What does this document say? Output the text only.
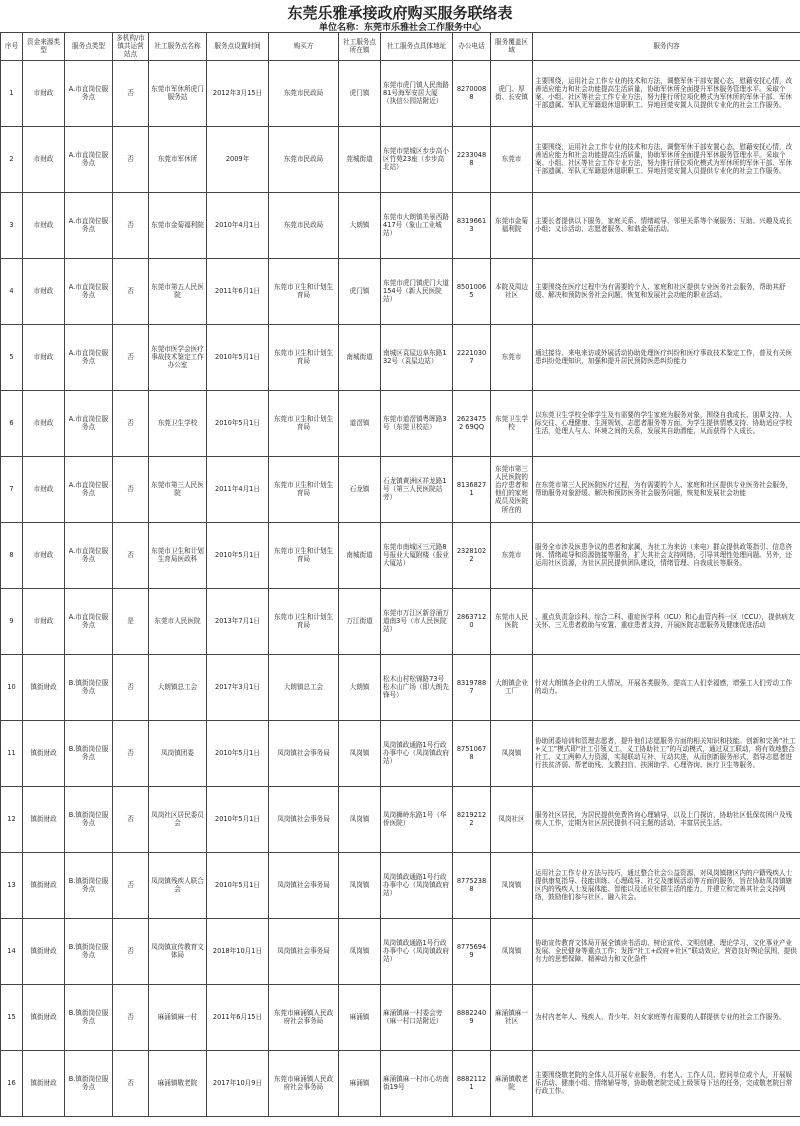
东莞乐雅承接政府购买服务联络表
单位名称：东莞市乐雅社会工作服务中心
序号	资金来源类型	服务点类型	多机构/市镇共运营站点	社工服务点名称	服务点设置时间	购买方	社工服务点所在镇	社工服务点具体地址	办公电话	服务覆盖区域	服务内容
1	市财政	A.市直岗位服务点	否	东莞市军休所虎门服务站	2012年3月15日	东莞市民政局	虎门镇	东莞市虎门镇人民南路81号海军安居大厦（执信公园站附近）	82700088	虎门、厚街、长安镇	主要围绕，运用社会工作专业的技术和方法，调整军休干部安置心态，慰藉安抚心情，改善适应能力和社会功能提高生活质量，协助军休所全面提升军休服务管理水平。采取个案、小组、社区等社会工作专业方法，努力推行所位项化模式为军休所的军休干部、军休干部遗属、军队无军籍退休退职职工、异地回莞安置人员提供专业化的社会工作服务。
2	市财政	A.市直岗位服务点	否	东莞市军休所	2009年	东莞市民政局	莞城街道	东莞市莞城区步步高小区竹苑23座（步步高北站）	22330488	东莞市	主要围绕，运用社会工作专业的技术和方法，调整军休干部安置心态，慰藉安抚心情，改善适应能力和社会功能提高生活质量，协助军休所全面提升军休服务管理水平。采取个案、小组、社区等社会工作专业方法，努力推行所位项化模式为军休所的军休干部、军休干部遗属、军队无军籍退休退职职工、异地回莞安置人员提供专业化的社会工作服务。
3	市财政	A.市直岗位服务点	否	东莞市金菊福利院	2010年4月1日	东莞市民政局	大朗镇	东莞市大朗镇美景西路417号（象山工业城站）	83196613	东莞市金菊福利院	主要长者提供以下服务，家庭关系、情绪疏导、邻里关系等个案服务；互助、兴趣及成长小组；义诊活动、志愿者服务、和谐金菊活动。
4	市财政	A.市直岗位服务点	否	东莞市第五人民医院	2011年6月1日	东莞市卫生和计划生育局	虎门镇	东莞市虎门镇虎门大道154号（新人民医院站）	85010065	本院及周边社区	主要围绕在医疗过程中为有需要的个人、家庭和社区提供专业医务社会服务，帮助其舒缓、解决和预防医务社会问题，恢复和发展社会功能的职业活动。
5	市财政	A.市直岗位服务点	否	东莞市医学会医疗事故技术鉴定工作办公室	2010年5月1日	东莞市卫生和计划生育局	南城街道	南城区袁屋边阜东路132号（袁屋边站）	22210307	东莞市	通过接待、来电来访或外展活动协助处理医疗纠纷和医疗事故技术鉴定工作，普及有关医患纠纷处理知识，加强和提升居民预防医患纠纷能力
6	市财政	A.市直岗位服务点	否	东莞卫生学校	2010年5月1日	东莞市卫生和计划生育局	道滘镇	东莞市道滘镇粤晖路3号（东莞卫校站）	26234752 69QQ	东莞卫生学校	以东莞卫生学校全体学生及有需要的学生家庭为服务对象，围绕自我成长、朋辈支持、人际交往、心理健康、生涯规划、志愿者服务等方面，为学生提供情感支持、协助适应学校生活，处理人与人、环境之间的关系，发展其自助潜能，从而获得个人成长。
7	市财政	A.市直岗位服务点	否	东莞市第三人民医院	2011年4月1日	东莞市卫生和计划生育局	石龙镇	石龙镇黄洲区祥龙路1号（第三人民医院站旁）	81368271	东莞市第三人民医院的治疗患者和他们的家庭成员及医院所在的	在东莞市第三人民医院医疗过程，为有需要的个人、家庭和社区提供专业医务社会服务，帮助服务对象舒缓、解决和预防医务社会服务问题，恢复和发展社会功能
8	市财政	A.市直岗位服务点	否	东莞市卫生和计划生育局医政科	2010年5月1日	东莞市卫生和计划生育局	南城街道	东莞市南城区三元路8号报业大厦附楼（报业大厦站）	23281022	东莞市	服务全市涉及医患争议的患者和家属，为社工为来访（来电）群众提供政策指引、信息咨询、情绪疏导和资源链接等服务，扩大其社会支持网络，引导其理性处理问题。另外，还运用社区资源，为社区居民提供团队建设，情绪管理、自我成长等服务。
9	市财政	A.市直岗位服务点	是	东莞市人民医院	2013年7月1日	东莞市卫生和计划生育局	万江街道	东莞市万江区新谷涌万道南3号（市人民医院站）	28637120	东莞市人民医院	、重点负责急诊科、综合二科、重症医学科（ICU）和心血管内科一区（CCU），提供病友关怀、三无患者救助与安置、重症患者支持，开展医院志愿服务及健康促进活动
10	镇街财政	B.镇街岗位服务点	否	大朗镇总工会	2017年3月1日	大朗镇总工会	大朗镇	松木山村松锦路73号松木山广场（即大朗先锋号）	83197887	大朗镇企业工厂	针对大朗镇各企业的工人情况，开展各类服务，提高工人们幸福感，增强工人们劳动工作的动力。
11	镇街财政	B.镇街岗位服务点	否	凤岗镇团委	2010年5月1日	凤岗镇社会事务局	凤岗镇	凤岗镇政通路1号行政办事中心（凤岗镇政府站）	87510678	凤岗镇	协助团委培训和管理志愿者，提升他们志愿服务方面的相关知识和技能。创新和完善“社工+义工”模式即“社工引领义工，义工协助社工”的互动模式，通过双工联动，将有效地整合社工、义工两种人力资源，实现联动互补、互动共进，从而创新服务形式，指导志愿者进行扶贫济弱、帮老助残、支教扫盲、扶困助学、心理咨询、医疗卫生等服务。
12	镇街财政	B.镇街岗位服务点	否	凤岗社区居民委员会	2010年5月1日	凤岗镇社会事务局	凤岗镇	凤岗狮岭东路1号（华侨医院）	82192122	凤岗社区	服务社区居民，为居民提供免费咨询心理辅导，以及上门探访，协助社区低保贫困户及残疾人工作，定期为社区居民提供不同主题的活动，丰富居民生活。
13	镇街财政	B.镇街岗位服务点	否	凤岗镇残疾人联合会	2010年5月1日	凤岗镇社会事务局	凤岗镇	凤岗镇政通路1号行政办事中心（凤岗镇政府站）	87752388	凤岗镇	运用社会工作专业方法与技巧，通过整合社会公益资源，对凤岗镇辖区内的户籍残疾人士提供康复指导、技能训练、心理疏导、社交及康娱活动等方面的服务，旨在协助凤岗镇辖区内的残疾人士发展体能、智能以及适应社群生活的能力，并建立和完善其社会支持网络，鼓励他们参与社区、融入社会。
14	镇街财政	B.镇街岗位服务点	否	凤岗镇宣传教育文体局	2018年10月1日	凤岗镇社会事务局	凤岗镇	凤岗镇政通路1号行政办事中心（凤岗镇政府站）	87756949	凤岗镇	协助宣传教育文体局开展全镇读书活动、树论宣传、文明创建、理论学习、文化事业产业发展、全民健身等重点工作；发挥“社工+政府+社区”联动效应，营造良好舆论氛围，提供有力的思想保障、精神动力和文化条件
15	镇街财政	B.镇街岗位服务点	否	麻涌镇麻一村	2011年6月15日	东莞市麻涌镇人民政府社会事务局	麻涌镇	麻涌镇麻一村委会旁（麻一村口站附近）	88822409	麻涌镇麻一社区	为村内老年人、残疾人、青少年、妇女家庭等有需要的人群提供专业的社会工作服务。
16	镇街财政	B.镇街岗位服务点	否	麻涌镇敬老院	2017年10月9日	东莞市麻涌镇人民政府社会事务局	麻涌镇	麻涌镇麻一村市心坊南街19号	88821121	麻涌镇敬老院	主要围绕敬老院的全体人员开展专业服务，有老人、工作人员、慰问单位或个人，开展娱乐活动、健康小组、情绪辅导等，协助敬老院完成上级领导下达的任务，完成敬老院日常行政工作。
